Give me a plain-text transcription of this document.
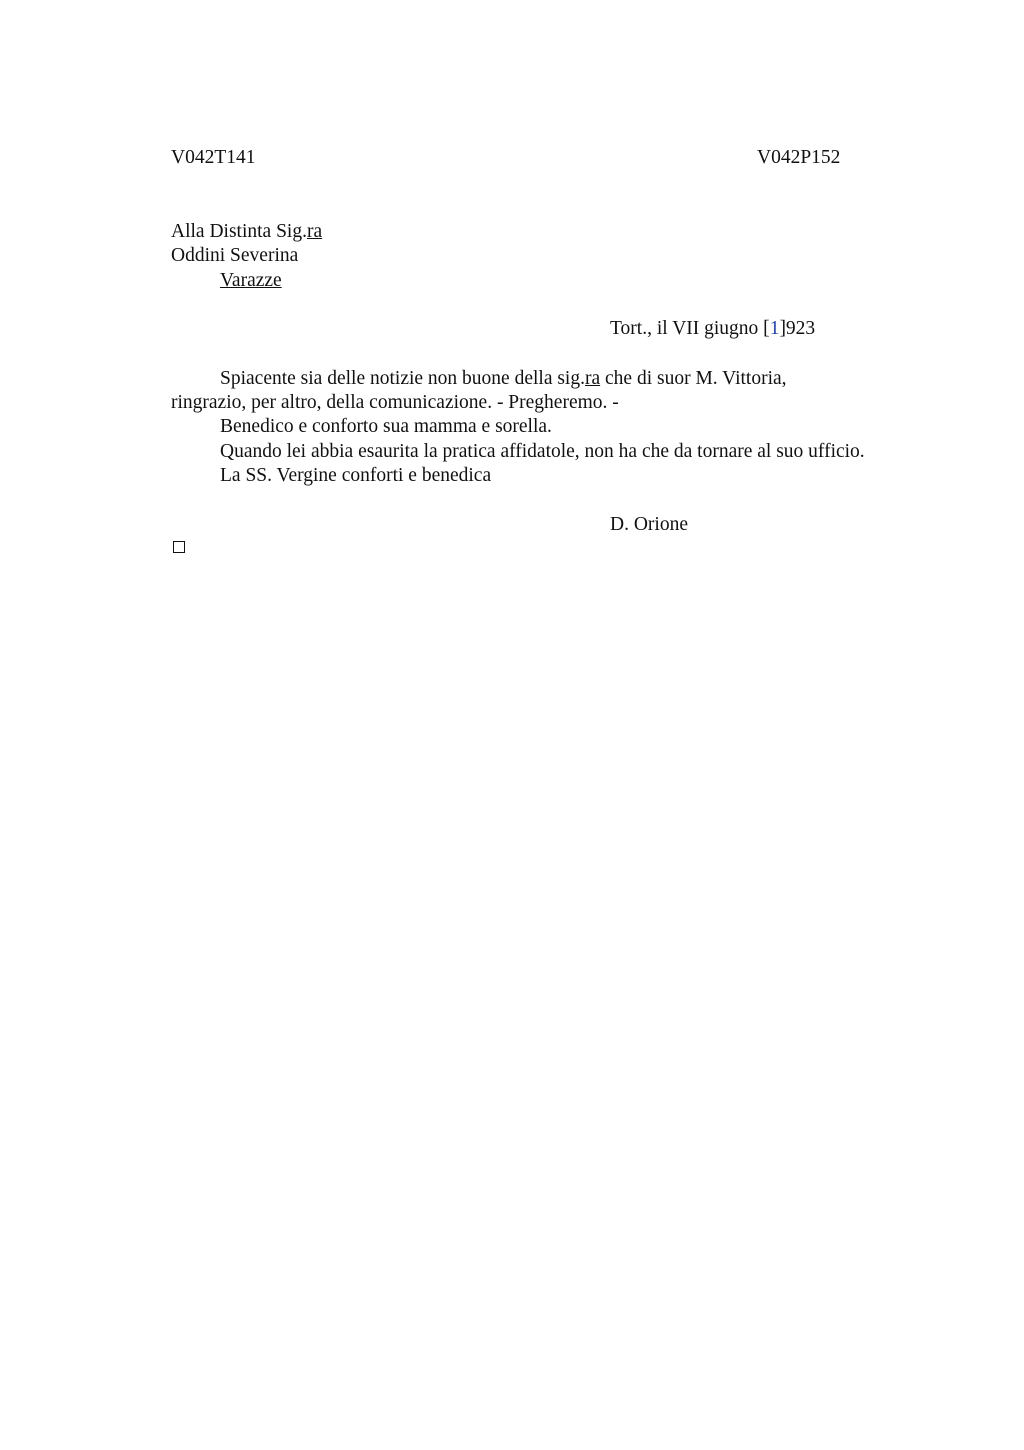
V042T141	V042P152
Alla Distinta Sig.ra
Oddini Severina
Varazze
Tort., il VII giugno [1]923
Spiacente sia delle notizie non buone della sig.ra che di suor M. Vittoria,
ringrazio, per altro, della comunicazione. - Pregheremo. -
Benedico e conforto sua mamma e sorella.
Quando lei abbia esaurita la pratica affidatole, non ha che da tornare al suo ufficio.
La SS. Vergine conforti e benedica
D. Orione
